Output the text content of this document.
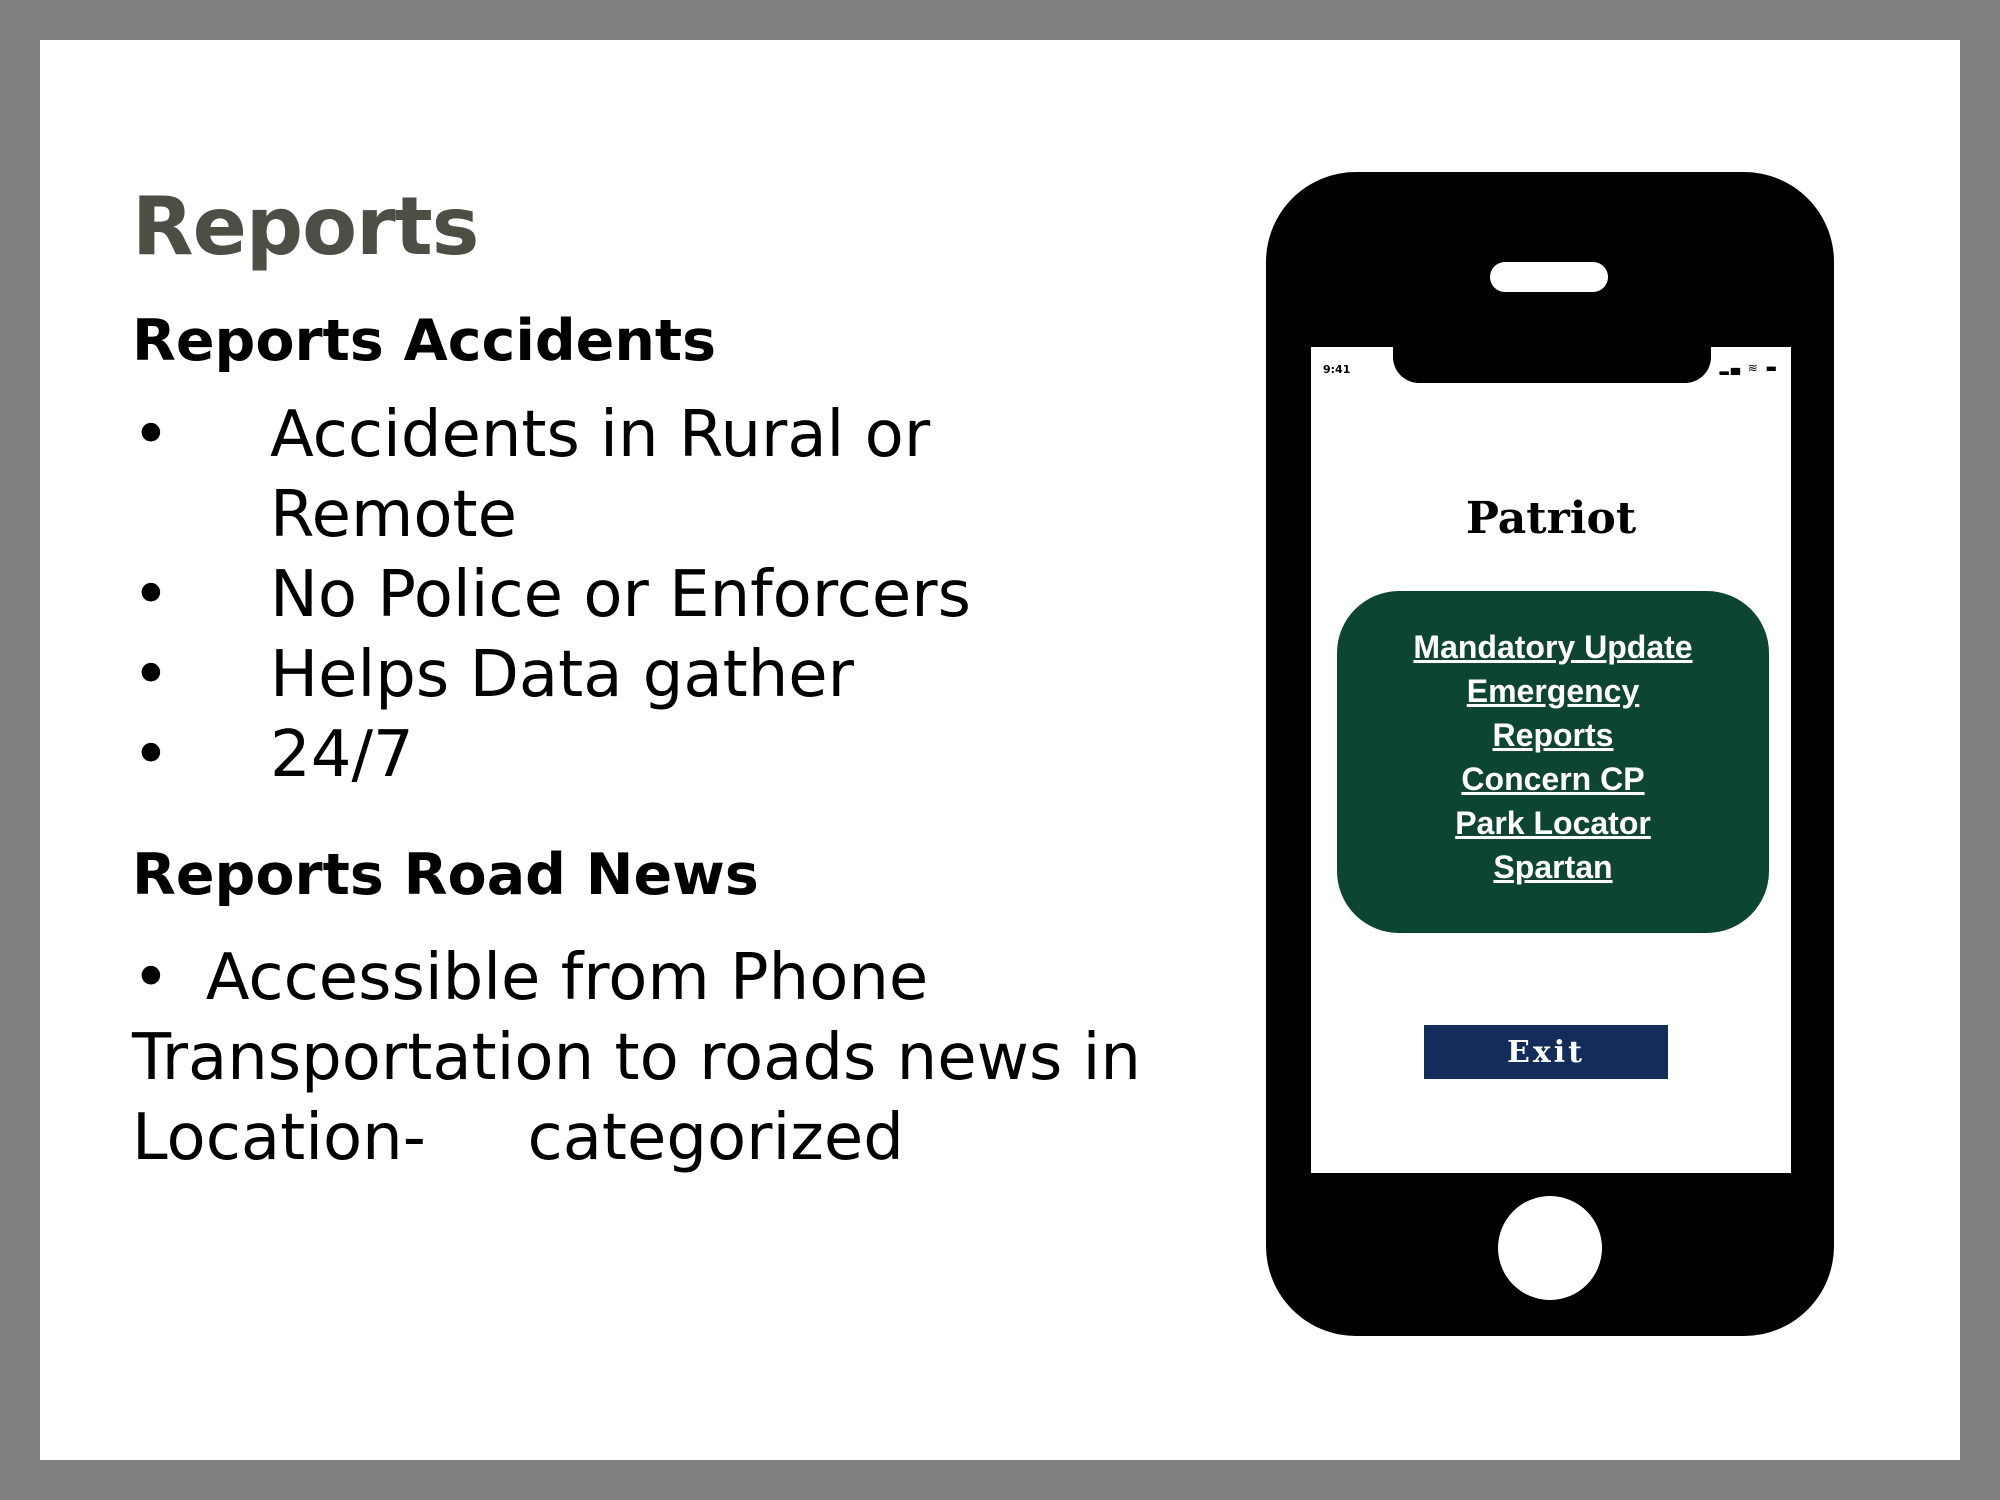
Reports
Reports Accidents
• Accidents in Rural or Remote
• No Police or Enforcers
• Helps Data gather
• 24/7
Reports Road News
• Accessible from Phone
Transportation to roads news in
Location-     categorized
9:41	▂▄ ≋ ▬
Patriot
Mandatory Update
Emergency
Reports
Concern CP
Park Locator
Spartan
Exit
